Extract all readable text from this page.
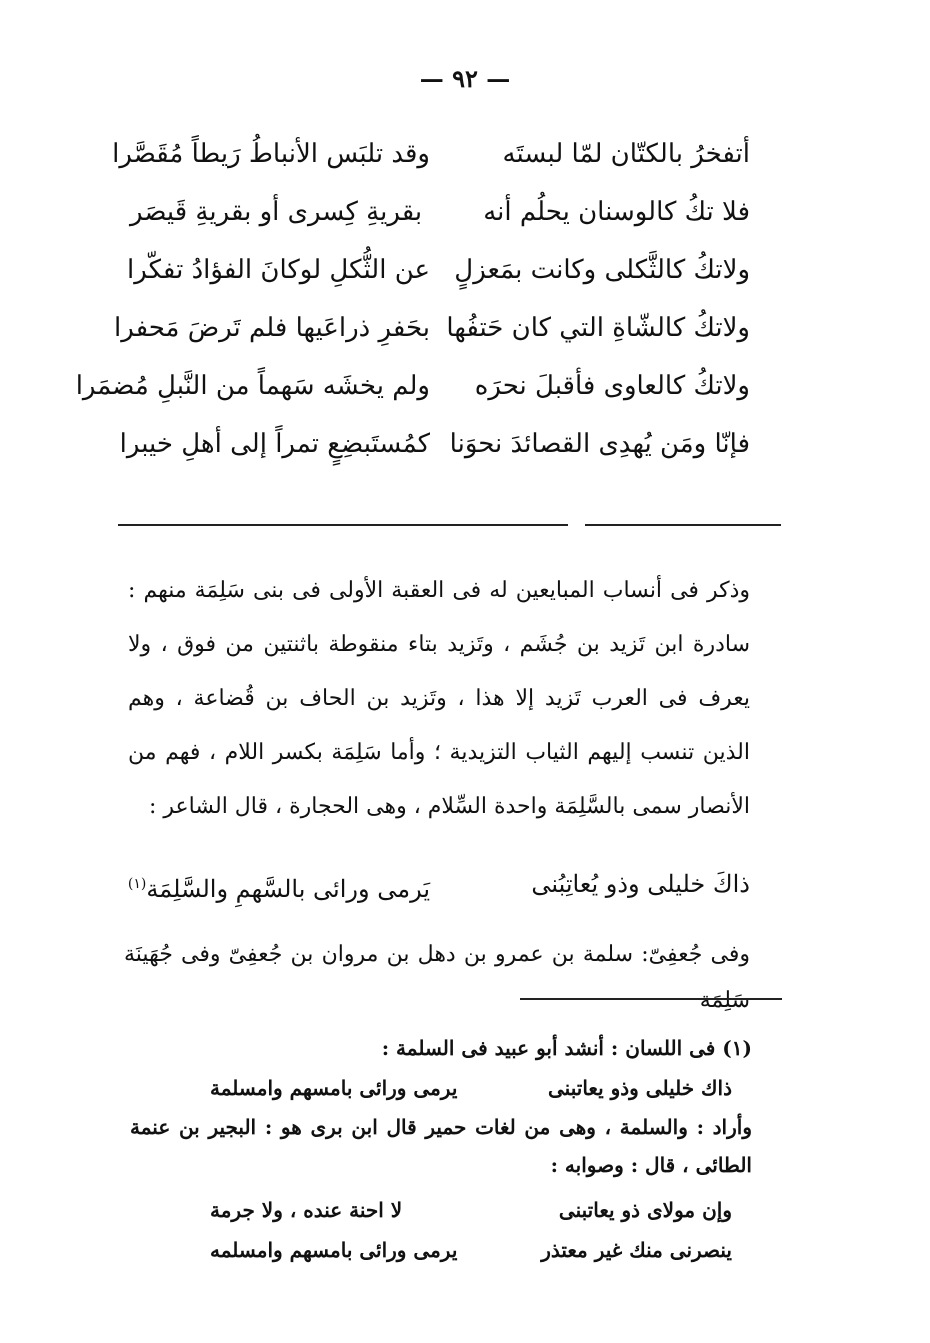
— ٩٢ —
أتفخرُ بالكتّان لمّا لبستَه
وقد تلبَس الأنباطُ رَيطاً مُقَصَّرا
فلا تكُ كالوسنان يحلُم أنه
بقريةِ كِسرى أو بقريةِ قَيصَر
ولاتكُ كالثَّكلى وكانت بمَعزلٍ
عن الثُّكلِ لوكانَ الفؤادُ تفكّرا
ولاتكُ كالشّاةِ التي كان حَتفُها
بحَفرِ ذراعَيها فلم تَرضَ مَحفرا
ولاتكُ كالعاوى فأقبلَ نحرَه
ولم يخشَه سَهماً من النَّبلِ مُضمَرا
فإنّا ومَن يُهدِى القصائدَ نحوَنا
كمُستَبضِعٍ تمراً إلى أهلِ خيبرا
وذكر فى أنساب المبايعين له فى العقبة الأولى فى بنى سَلِمَة منهم : سادرة ابن تَزيد بن جُشَم ، وتَزيد بتاء منقوطة باثنتين من فوق ، ولا يعرف فى العرب تَزيد إلا هذا ، وتَزيد بن الحاف بن قُضاعة ، وهم الذين تنسب إليهم الثياب التزيدية ؛ وأما سَلِمَة بكسر اللام ، فهم من الأنصار سمى بالسَّلِمَة واحدة السِّلام ، وهى الحجارة ، قال الشاعر :
ذاكَ خليلى وذو يُعاتِبُنى
يَرمى ورائى بالسَّهمِ والسَّلِمَة$^{(١)}$
وفى جُعفِىّ: سلمة بن عمرو بن دهل بن مروان بن جُعفِىّ وفى جُهَينَة سَلِمَة
(١) فى اللسان : أنشد أبو عبيد فى السلمة :
ذاك خليلى وذو يعاتبنى
يرمى ورائى بامسهم وامسلمة
وأراد : والسلمة ، وهى من لغات حمير قال ابن برى هو : البجير بن عنمة الطائى ، قال : وصوابه :
وإن مولاى ذو يعاتبنى
لا احنة عنده ، ولا جرمة
ينصرنى منك غير معتذر
يرمى ورائى بامسهم وامسلمه
